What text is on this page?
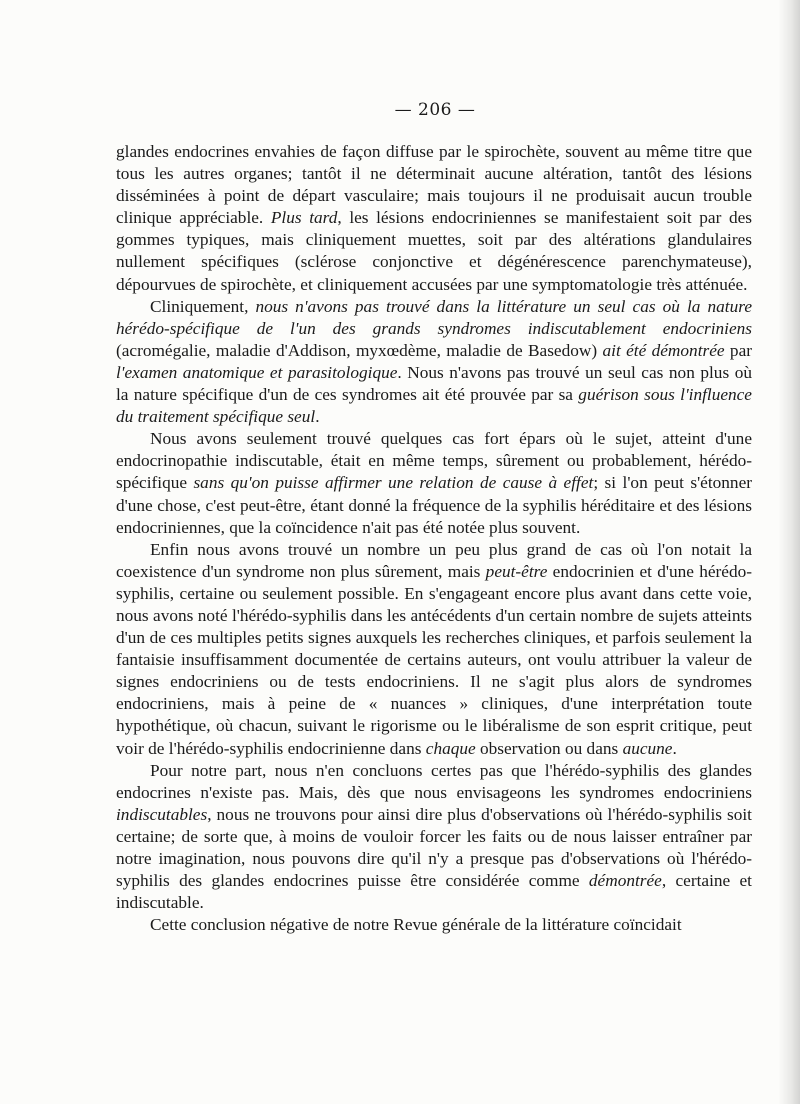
— 206 —

glandes endocrines envahies de façon diffuse par le spirochète, souvent au même titre que tous les autres organes; tantôt il ne déterminait aucune altération, tantôt des lésions disséminées à point de départ vasculaire; mais toujours il ne produisait aucun trouble clinique appréciable. Plus tard, les lésions endocriniennes se manifestaient soit par des gommes typiques, mais cliniquement muettes, soit par des altérations glandulaires nullement spécifiques (sclérose conjonctive et dégénérescence parenchymateuse), dépourvues de spirochète, et cliniquement accusées par une symptomatologie très atténuée.

Cliniquement, nous n'avons pas trouvé dans la littérature un seul cas où la nature hérédo-spécifique de l'un des grands syndromes indiscutablement endocriniens (acromégalie, maladie d'Addison, myxœdème, maladie de Basedow) ait été démontrée par l'examen anatomique et parasitologique. Nous n'avons pas trouvé un seul cas non plus où la nature spécifique d'un de ces syndromes ait été prouvée par sa guérison sous l'influence du traitement spécifique seul.

Nous avons seulement trouvé quelques cas fort épars où le sujet, atteint d'une endocrinopathie indiscutable, était en même temps, sûrement ou probablement, hérédo-spécifique sans qu'on puisse affirmer une relation de cause à effet; si l'on peut s'étonner d'une chose, c'est peut-être, étant donné la fréquence de la syphilis héréditaire et des lésions endocriniennes, que la coïncidence n'ait pas été notée plus souvent.

Enfin nous avons trouvé un nombre un peu plus grand de cas où l'on notait la coexistence d'un syndrome non plus sûrement, mais peut-être endocrinien et d'une hérédo-syphilis, certaine ou seulement possible. En s'engageant encore plus avant dans cette voie, nous avons noté l'hérédo-syphilis dans les antécédents d'un certain nombre de sujets atteints d'un de ces multiples petits signes auxquels les recherches cliniques, et parfois seulement la fantaisie insuffisamment documentée de certains auteurs, ont voulu attribuer la valeur de signes endocriniens ou de tests endocriniens. Il ne s'agit plus alors de syndromes endocriniens, mais à peine de « nuances » cliniques, d'une interprétation toute hypothétique, où chacun, suivant le rigorisme ou le libéralisme de son esprit critique, peut voir de l'hérédo-syphilis endocrinienne dans chaque observation ou dans aucune.

Pour notre part, nous n'en concluons certes pas que l'hérédo-syphilis des glandes endocrines n'existe pas. Mais, dès que nous envisageons les syndromes endocriniens indiscutables, nous ne trouvons pour ainsi dire plus d'observations où l'hérédo-syphilis soit certaine; de sorte que, à moins de vouloir forcer les faits ou de nous laisser entraîner par notre imagination, nous pouvons dire qu'il n'y a presque pas d'observations où l'hérédo-syphilis des glandes endocrines puisse être considérée comme démontrée, certaine et indiscutable.

Cette conclusion négative de notre Revue générale de la littérature coïncidait
